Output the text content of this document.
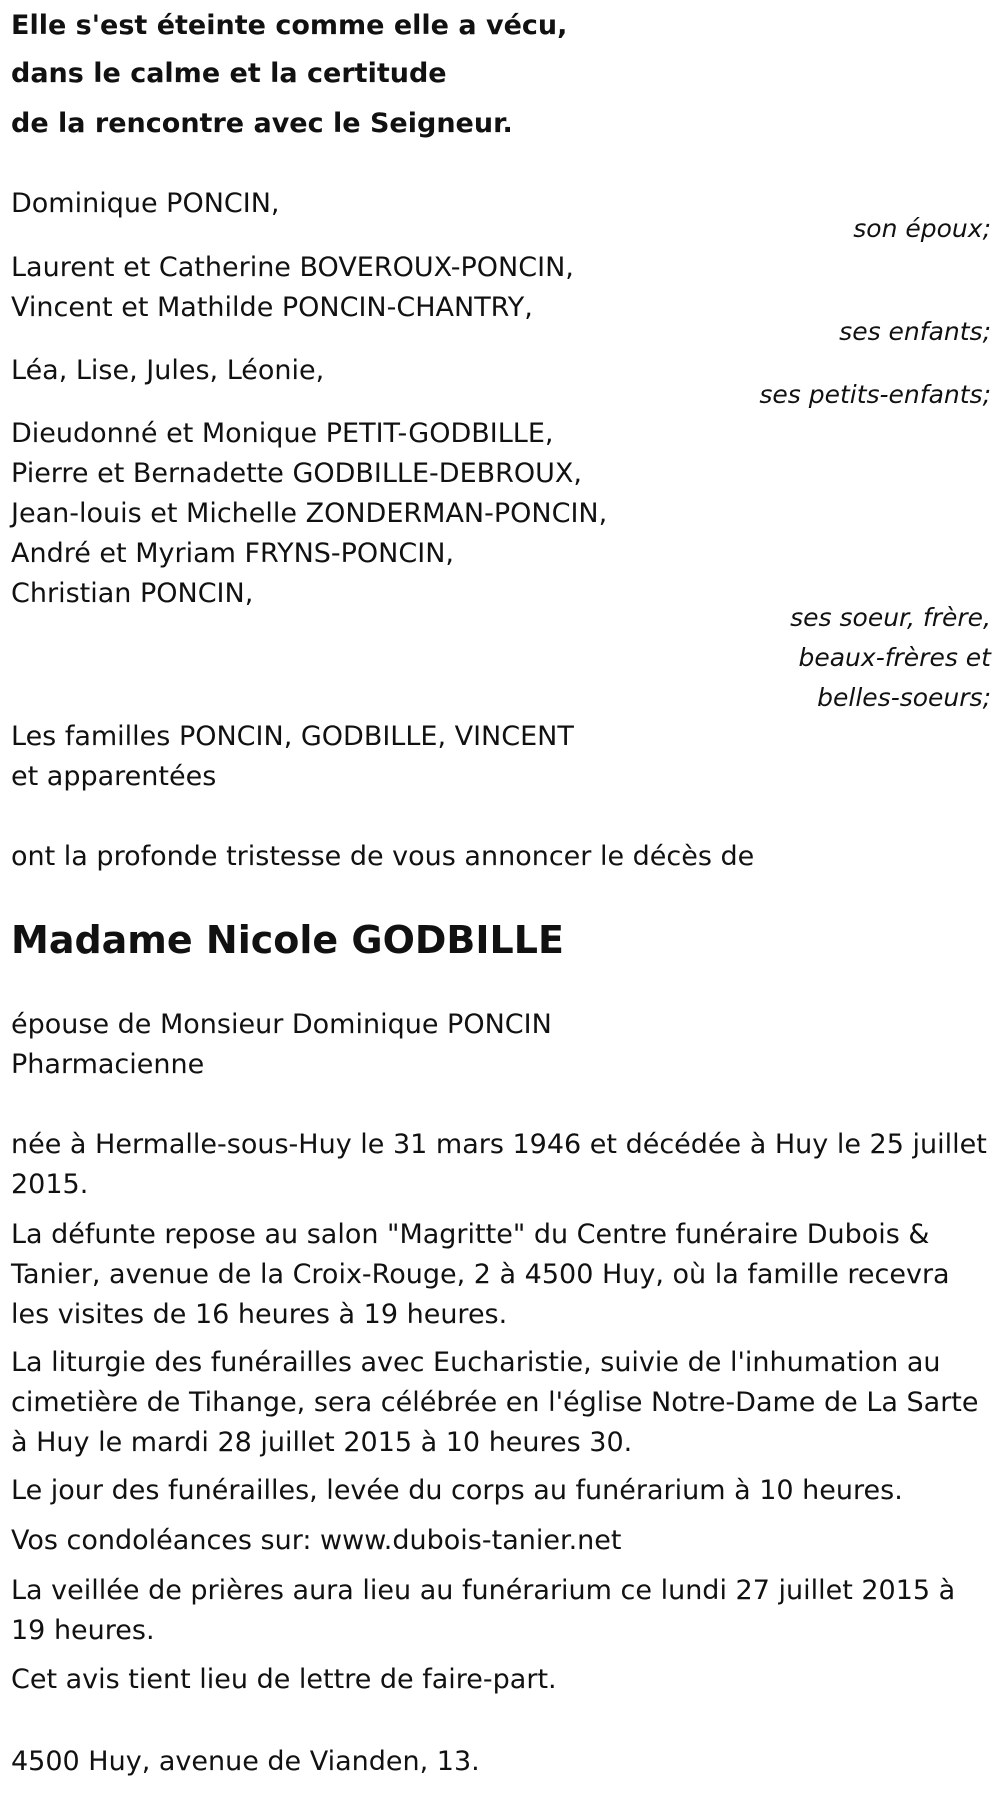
Elle s'est éteinte comme elle a vécu,
dans le calme et la certitude
de la rencontre avec le Seigneur.
Dominique PONCIN,
son époux;
Laurent et Catherine BOVEROUX-PONCIN,
Vincent et Mathilde PONCIN-CHANTRY,
ses enfants;
Léa, Lise, Jules, Léonie,
ses petits-enfants;
Dieudonné et Monique PETIT-GODBILLE,
Pierre et Bernadette GODBILLE-DEBROUX,
Jean-louis et Michelle ZONDERMAN-PONCIN,
André et Myriam FRYNS-PONCIN,
Christian PONCIN,
ses soeur, frère,
beaux-frères et
belles-soeurs;
Les familles PONCIN, GODBILLE, VINCENT
et apparentées
ont la profonde tristesse de vous annoncer le décès de
Madame Nicole GODBILLE
épouse de Monsieur Dominique PONCIN
Pharmacienne
née à Hermalle-sous-Huy le 31 mars 1946 et décédée à Huy le 25 juillet 2015.
La défunte repose au salon "Magritte" du Centre funéraire Dubois & Tanier, avenue de la Croix-Rouge, 2 à 4500 Huy, où la famille recevra les visites de 16 heures à 19 heures.
La liturgie des funérailles avec Eucharistie, suivie de l'inhumation au cimetière de Tihange, sera célébrée en l'église Notre-Dame de La Sarte à Huy le mardi 28 juillet 2015 à 10 heures 30.
Le jour des funérailles, levée du corps au funérarium à 10 heures.
Vos condoléances sur: www.dubois-tanier.net
La veillée de prières aura lieu au funérarium ce lundi 27 juillet 2015 à 19 heures.
Cet avis tient lieu de lettre de faire-part.
4500 Huy, avenue de Vianden, 13.
